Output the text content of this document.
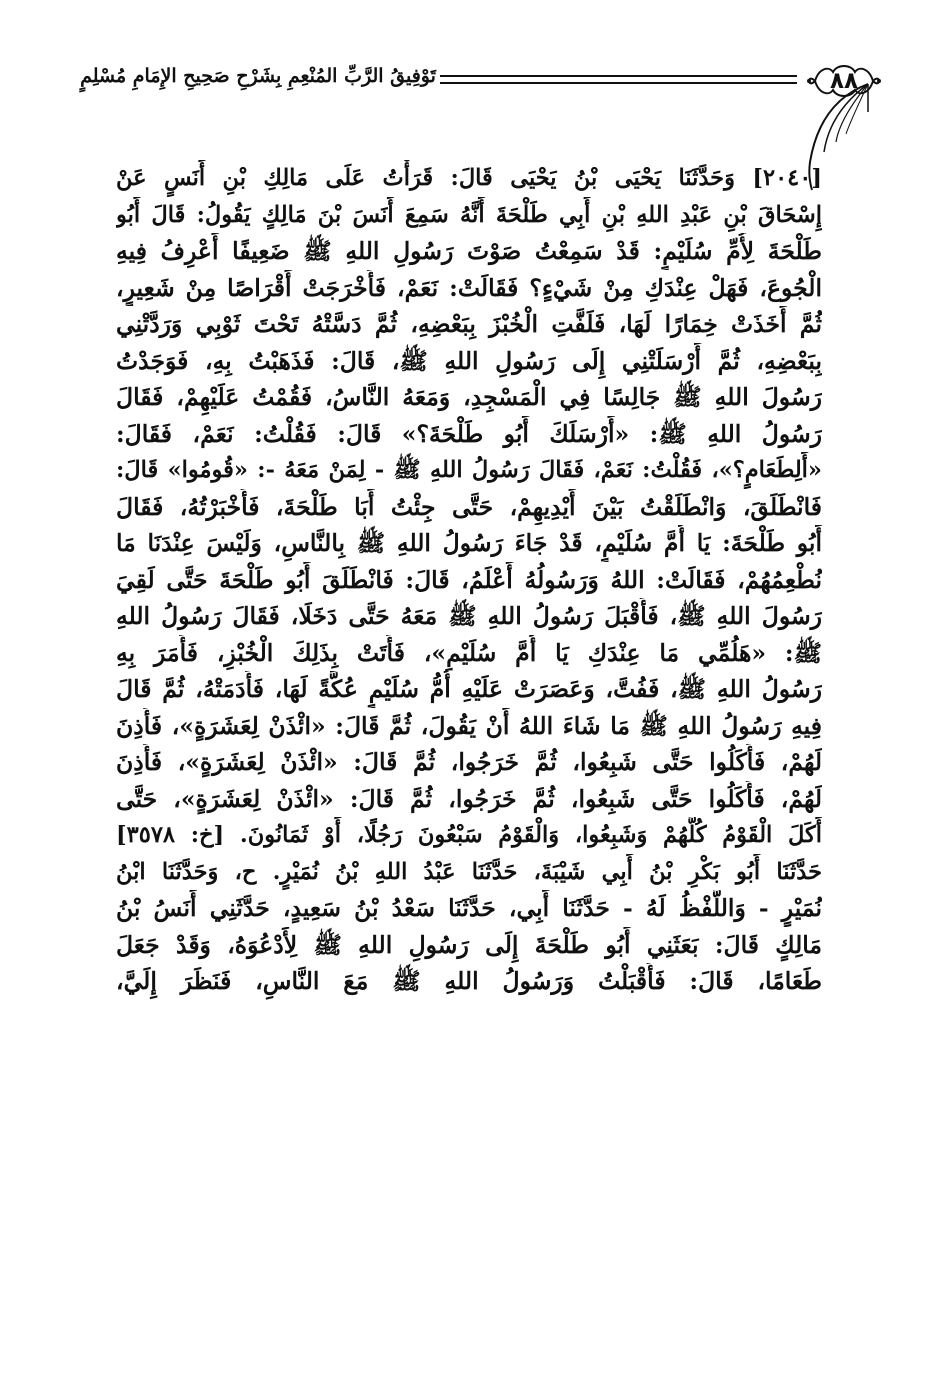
تَوْفِيقُ الرَّبِّ المُنْعِمِ بِشَرْحِ صَحِيحِ الإِمَامِ مُسْلِمٍ	٨٨
[٢٠٤٠] وَحَدَّثَنَا يَحْيَى بْنُ يَحْيَى قَالَ: قَرَأْتُ عَلَى مَالِكِ بْنِ أَنَسٍ عَنْ
إِسْحَاقَ بْنِ عَبْدِ اللهِ بْنِ أَبِي طَلْحَةَ أَنَّهُ سَمِعَ أَنَسَ بْنَ مَالِكٍ يَقُولُ: قَالَ أَبُو
طَلْحَةَ لِأُمِّ سُلَيْمٍ: قَدْ سَمِعْتُ صَوْتَ رَسُولِ اللهِ ﷺ ضَعِيفًا أَعْرِفُ فِيهِ
الْجُوعَ، فَهَلْ عِنْدَكِ مِنْ شَيْءٍ؟ فَقَالَتْ: نَعَمْ، فَأَخْرَجَتْ أَقْرَاصًا مِنْ شَعِيرٍ،
ثُمَّ أَخَذَتْ خِمَارًا لَهَا، فَلَفَّتِ الْخُبْزَ بِبَعْضِهِ، ثُمَّ دَسَّتْهُ تَحْتَ ثَوْبِي وَرَدَّتْنِي
بِبَعْضِهِ، ثُمَّ أَرْسَلَتْنِي إِلَى رَسُولِ اللهِ ﷺ، قَالَ: فَذَهَبْتُ بِهِ، فَوَجَدْتُ
رَسُولَ اللهِ ﷺ جَالِسًا فِي الْمَسْجِدِ، وَمَعَهُ النَّاسُ، فَقُمْتُ عَلَيْهِمْ، فَقَالَ
رَسُولُ اللهِ ﷺ: «أَرْسَلَكَ أَبُو طَلْحَةَ؟» قَالَ: فَقُلْتُ: نَعَمْ، فَقَالَ:
«أَلِطَعَامٍ؟»، فَقُلْتُ: نَعَمْ، فَقَالَ رَسُولُ اللهِ ﷺ - لِمَنْ مَعَهُ -: «قُومُوا» قَالَ:
فَانْطَلَقَ، وَانْطَلَقْتُ بَيْنَ أَيْدِيهِمْ، حَتَّى جِئْتُ أَبَا طَلْحَةَ، فَأَخْبَرْتُهُ، فَقَالَ
أَبُو طَلْحَةَ: يَا أُمَّ سُلَيْمٍ، قَدْ جَاءَ رَسُولُ اللهِ ﷺ بِالنَّاسِ، وَلَيْسَ عِنْدَنَا مَا
نُطْعِمُهُمْ، فَقَالَتْ: اللهُ وَرَسُولُهُ أَعْلَمُ، قَالَ: فَانْطَلَقَ أَبُو طَلْحَةَ حَتَّى لَقِيَ
رَسُولَ اللهِ ﷺ، فَأَقْبَلَ رَسُولُ اللهِ ﷺ مَعَهُ حَتَّى دَخَلَا، فَقَالَ رَسُولُ اللهِ
ﷺ: «هَلُمِّي مَا عِنْدَكِ يَا أُمَّ سُلَيْمٍ»، فَأَتَتْ بِذَلِكَ الْخُبْزِ، فَأَمَرَ بِهِ
رَسُولُ اللهِ ﷺ، فَفُتَّ، وَعَصَرَتْ عَلَيْهِ أُمُّ سُلَيْمٍ عُكَّةً لَهَا، فَأَدَمَتْهُ، ثُمَّ قَالَ
فِيهِ رَسُولُ اللهِ ﷺ مَا شَاءَ اللهُ أَنْ يَقُولَ، ثُمَّ قَالَ: «ائْذَنْ لِعَشَرَةٍ»، فَأَذِنَ
لَهُمْ، فَأَكَلُوا حَتَّى شَبِعُوا، ثُمَّ خَرَجُوا، ثُمَّ قَالَ: «ائْذَنْ لِعَشَرَةٍ»، فَأَذِنَ
لَهُمْ، فَأَكَلُوا حَتَّى شَبِعُوا، ثُمَّ خَرَجُوا، ثُمَّ قَالَ: «ائْذَنْ لِعَشَرَةٍ»، حَتَّى
أَكَلَ الْقَوْمُ كُلُّهُمْ وَشَبِعُوا، وَالْقَوْمُ سَبْعُونَ رَجُلًا، أَوْ ثَمَانُونَ. [خ: ٣٥٧٨]
حَدَّثَنَا أَبُو بَكْرِ بْنُ أَبِي شَيْبَةَ، حَدَّثَنَا عَبْدُ اللهِ بْنُ نُمَيْرٍ. ح، وَحَدَّثَنَا ابْنُ
نُمَيْرٍ - وَاللَّفْظُ لَهُ - حَدَّثَنَا أَبِي، حَدَّثَنَا سَعْدُ بْنُ سَعِيدٍ، حَدَّثَنِي أَنَسُ بْنُ
مَالِكٍ قَالَ: بَعَثَنِي أَبُو طَلْحَةَ إِلَى رَسُولِ اللهِ ﷺ لِأَدْعُوَهُ، وَقَدْ جَعَلَ
طَعَامًا، قَالَ: فَأَقْبَلْتُ وَرَسُولُ اللهِ ﷺ مَعَ النَّاسِ، فَنَظَرَ إِلَيَّ،
